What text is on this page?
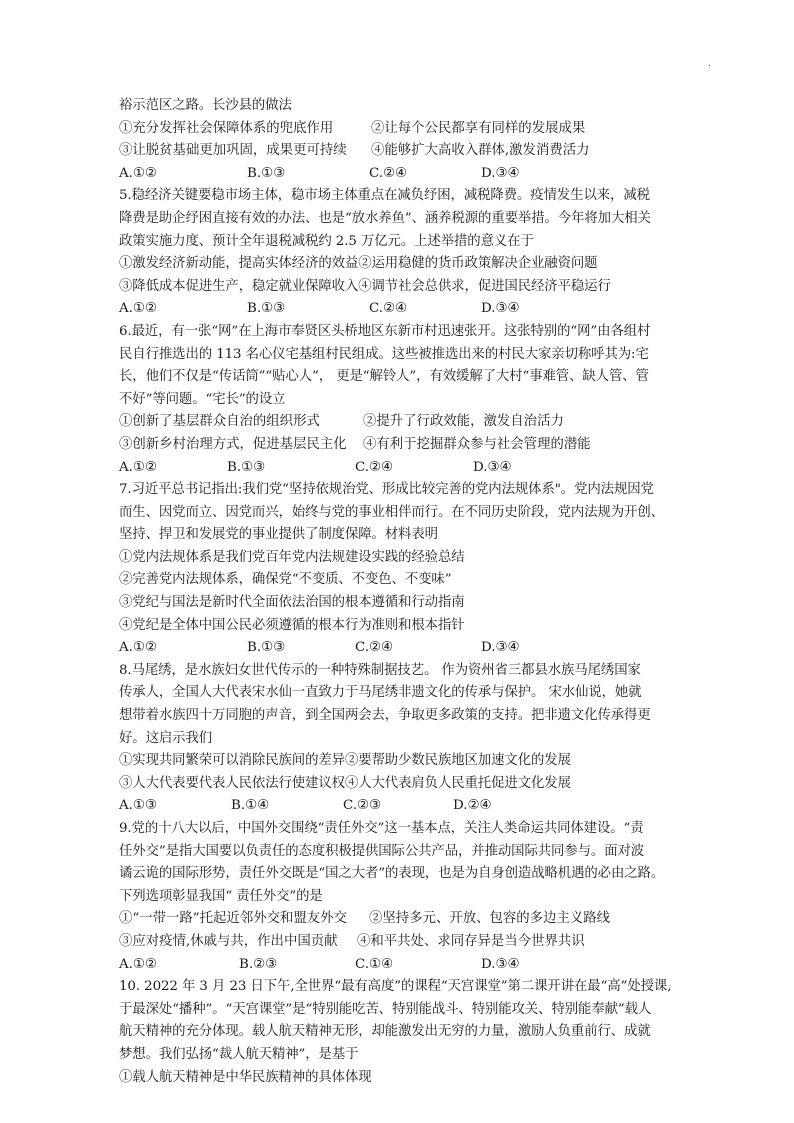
.
裕示范区之路。长沙县的做法
①充分发挥社会保障体系的兜底作用	②让每个公民都享有同样的发展成果
③让脱贫基础更加巩固，成果更可持续 ④能够扩大高收入群体,激发消费活力
A.①②	B.①③	C.②④	D.③④
5.稳经济关键要稳市场主体，稳市场主体重点在减负纾困，减税降费。疫情发生以来，减税
降费是助企纾困直接有效的办法、也是“放水养鱼”、涵养税源的重要举措。今年将加大相关
政策实施力度、预计全年退税减税约 2.5 万亿元。上述举措的意义在于
①激发经济新动能，提高实体经济的效益②运用稳健的货币政策解决企业融资问题
③降低成本促进生产，稳定就业保障收入④调节社会总供求，促进国民经济平稳运行
A.①②	B.①③	C.②④	D.③④
6.最近，有一张“网”在上海市奉贤区头桥地区东新市村迅速张开。这张特别的“网”由各组村
民自行推选出的 113 名心仪宅基组村民组成。这些被推选出来的村民大家亲切称呼其为:宅
长，他们不仅是“传话筒”“贴心人”， 更是“解铃人”，有效缓解了大村“事难管、缺人管、管
不好”等问题。“宅长”的设立
①创新了基层群众自治的组织形式	②提升了行政效能，激发自治活力
③创新乡村治理方式，促进基层民主化 ④有利于挖掘群众参与社会管理的潜能
A.①②	B.①③	C.②④	D.③④
7.习近平总书记指出:我们党“坚持依规治党、形成比较完善的党内法规体系"。党内法规因党
而生、因党而立、因党而兴，始终与党的事业相伴而行。在不同历史阶段，党内法规为开创、
坚持、捍卫和发展党的事业提供了制度保障。材料表明
①党内法规体系是我们党百年党内法规建设实践的经验总结
②完善党内法规体系，确保党“不变质、不变色、不变味”
③党纪与国法是新时代全面依法治国的根本遵循和行动指南
④党纪是全体中国公民必须遵循的根本行为准则和根本指针
A.①②	B.①③	C.②④	D.③④
8.马尾绣，是水族妇女世代传示的一种特殊制据技艺。 作为资州省三都县水族马尾绣国家
传承人，全国人大代表宋水仙一直致力于马尾绣非遗文化的传承与保护。 宋水仙说，她就
想带着水族四十万同胞的声音，到全国两会去，争取更多政策的支持。把非遗文化传承得更
好。这启示我们
①实现共同繁荣可以消除民族间的差异②要帮助少数民族地区加速文化的发展
③人大代表要代表人民依法行使建议权④人大代表肩负人民重托促进文化发展
A.①③	B.①④	C.②③	D.②④
9.党的十八大以后，中国外交围绕“责任外交”这一基本点，关注人类命运共同体建设。“责
任外交”是指大国要以负责任的态度积极提供国际公共产品，并推动国际共同参与。面对波
谲云诡的国际形势，责任外交既是“国之大者”的表现，也是为自身创造战略机遇的必由之路。
下列选项彰显我国“ 责任外交”的是
①“一带一路”托起近邻外交和盟友外交 ②坚持多元、开放、包容的多边主义路线
③应对疫情,休戚与共，作出中国贡献 ④和平共处、求同存异是当今世界共识
A.①②	B.②③	C.①④	D.③④
10. 2022 年 3 月 23 日下午,全世界“最有高度”的课程“天宫课堂”第二课开讲在最“高”处授课,
于最深处“播种”。“天宫课堂”是“特别能吃苦、特别能战斗、特别能攻关、特别能奉献”载人
航天精神的充分体现。载人航天精神无形，却能激发出无穷的力量，激励人负重前行、成就
梦想。我们弘扬“裁人航天精神”，是基于
①载人航天精神是中华民族精神的具体体现
